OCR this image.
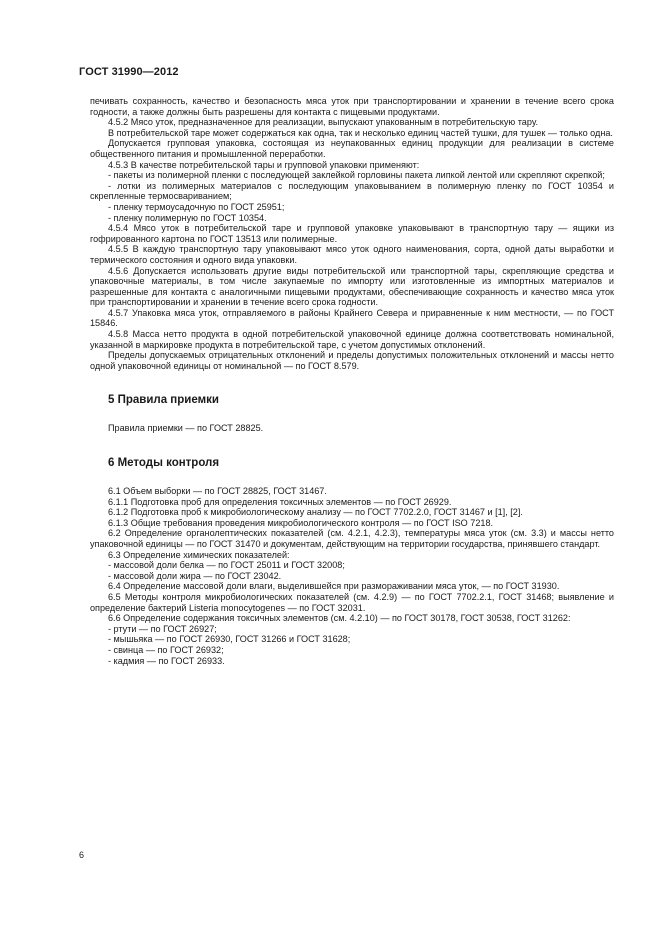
ГОСТ 31990—2012

печивать сохранность, качество и безопасность мяса уток при транспортировании и хранении в течение всего срока годности, а также должны быть разрешены для контакта с пищевыми продуктами.

4.5.2 Мясо уток, предназначенное для реализации, выпускают упакованным в потребительскую тару.

В потребительской таре может содержаться как одна, так и несколько единиц частей тушки, для тушек — только одна.

Допускается групповая упаковка, состоящая из неупакованных единиц продукции для реализации в системе общественного питания и промышленной переработки.

4.5.3 В качестве потребительской тары и групповой упаковки применяют:

- пакеты из полимерной пленки с последующей заклейкой горловины пакета липкой лентой или скрепляют скрепкой;

- лотки из полимерных материалов с последующим упаковыванием в полимерную пленку по ГОСТ 10354 и скрепленные термосвариванием;

- пленку термоусадочную по ГОСТ 25951;

- пленку полимерную по ГОСТ 10354.

4.5.4 Мясо уток в потребительской таре и групповой упаковке упаковывают в транспортную тару — ящики из гофрированного картона по ГОСТ 13513 или полимерные.

4.5.5 В каждую транспортную тару упаковывают мясо уток одного наименования, сорта, одной даты выработки и термического состояния и одного вида упаковки.

4.5.6 Допускается использовать другие виды потребительской или транспортной тары, скрепляющие средства и упаковочные материалы, в том числе закупаемые по импорту или изготовленные из импортных материалов и разрешенные для контакта с аналогичными пищевыми продуктами, обеспечивающие сохранность и качество мяса уток при транспортировании и хранении в течение всего срока годности.

4.5.7 Упаковка мяса уток, отправляемого в районы Крайнего Севера и приравненные к ним местности, — по ГОСТ 15846.

4.5.8 Масса нетто продукта в одной потребительской упаковочной единице должна соответствовать номинальной, указанной в маркировке продукта в потребительской таре, с учетом допустимых отклонений.

Пределы допускаемых отрицательных отклонений и пределы допустимых положительных отклонений и массы нетто одной упаковочной единицы от номинальной — по ГОСТ 8.579.

5 Правила приемки

Правила приемки — по ГОСТ 28825.

6 Методы контроля

6.1 Объем выборки — по ГОСТ 28825, ГОСТ 31467.

6.1.1 Подготовка проб для определения токсичных элементов — по ГОСТ 26929.

6.1.2 Подготовка проб к микробиологическому анализу — по ГОСТ 7702.2.0, ГОСТ 31467 и [1], [2].

6.1.3 Общие требования проведения микробиологического контроля — по ГОСТ ISO 7218.

6.2 Определение органолептических показателей (см. 4.2.1, 4.2.3), температуры мяса уток (см. 3.3) и массы нетто упаковочной единицы — по ГОСТ 31470 и документам, действующим на территории государства, принявшего стандарт.

6.3 Определение химических показателей:

- массовой доли белка — по ГОСТ 25011 и ГОСТ 32008;

- массовой доли жира — по ГОСТ 23042.

6.4 Определение массовой доли влаги, выделившейся при размораживании мяса уток, — по ГОСТ 31930.

6.5 Методы контроля микробиологических показателей (см. 4.2.9) — по ГОСТ 7702.2.1, ГОСТ 31468; выявление и определение бактерий Listeria monocytogenes — по ГОСТ 32031.

6.6 Определение содержания токсичных элементов (см. 4.2.10) — по ГОСТ 30178, ГОСТ 30538, ГОСТ 31262:

- ртути — по ГОСТ 26927;

- мышьяка — по ГОСТ 26930, ГОСТ 31266 и ГОСТ 31628;

- свинца — по ГОСТ 26932;

- кадмия — по ГОСТ 26933.

6
